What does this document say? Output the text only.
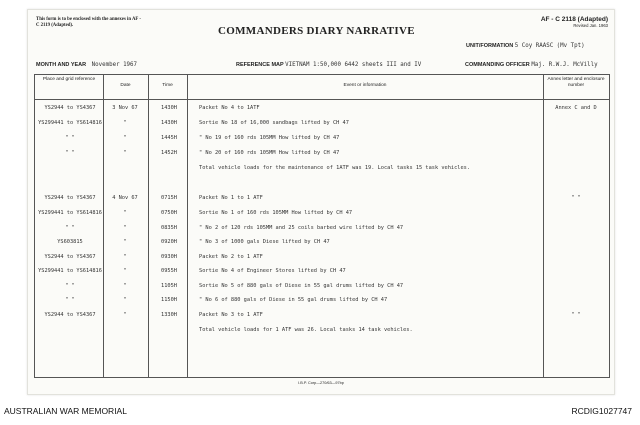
This form is to be enclosed with the annexes in AF - C 2119 (Adapted).	COMMANDERS DIARY NARRATIVE
AF - C 2118 (Adapted)
Revised Jan. 1963
UNIT/FORMATION 5 Coy RAASC (Mv Tpt)
MONTH AND YEAR November 1967	REFERENCE MAP VIETNAM 1:50,000 6442 sheets III and IV	COMMANDING OFFICER Maj. R.W.J. McVilly
Place and grid reference
Date	Time	Event or information
Annex letter and enclosure number
YS2944 to YS4367	3 Nov 67	1430H	Packet No 4 to 1ATF	Annex C and D
YS299441 to YS614816	"	1430H	Sortie No 18 of 16,000 sandbags lifted by CH 47
" "	"	1445H	" No 19 of 160 rds 105MM How lifted by CH 47
" "	"	1452H	" No 20 of 160 rds 105MM How lifted by CH 47
Total vehicle loads for the maintenance of 1ATF was 19. Local tasks 15 task vehicles.
YS2944 to YS4367	4 Nov 67	0715H	Packet No 1 to 1 ATF	" "
YS299441 to YS614816	"	0750H	Sortie No 1 of 160 rds 105MM How lifted by CH 47
" "	"	0835H	" No 2 of 120 rds 105MM and 25 coils barbed wire lifted by CH 47
YS603815	"	0920H	" No 3 of 1000 gals Diese lifted by CH 47
YS2944 to YS4367	"	0930H	Packet No 2 to 1 ATF
YS299441 to YS614816	"	0955H	Sortie No 4 of Engineer Stores lifted by CH 47
" "	"	1105H	Sortie No 5 of 880 gals of Diese in 55 gal drums lifted by CH 47
" "	"	1150H	" No 6 of 880 gals of Diese in 55 gal drums lifted by CH 47
YS2944 to YS4367	"	1330H	Packet No 3 to 1 ATF	" "
Total vehicle loads for 1 ATF was 26. Local tasks 14 task vehicles.
I.B.P. Corp—270/63—97bp
AUSTRALIAN WAR MEMORIAL	RCDIG1027747
